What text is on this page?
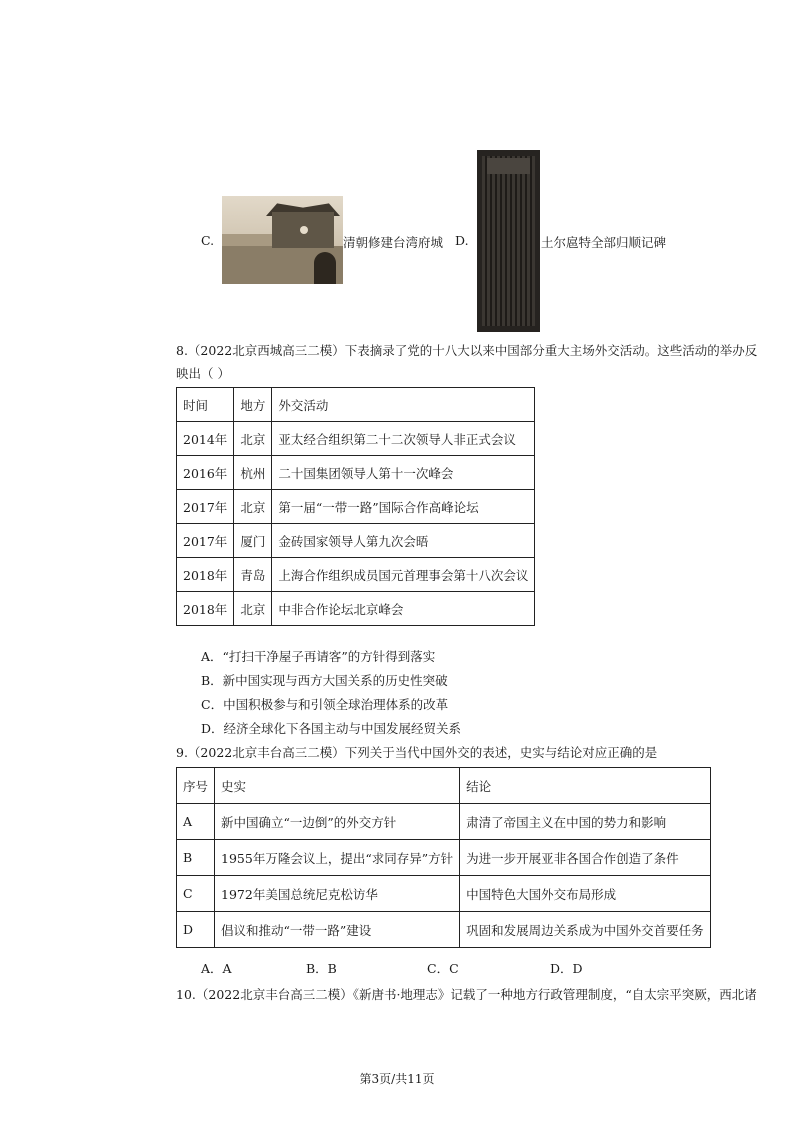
C.	清朝修建台湾府城 D.	土尔扈特全部归顺记碑
8.（2022北京西城高三二模）下表摘录了党的十八大以来中国部分重大主场外交活动。这些活动的举办反
映出（ ）
时间	地方	外交活动
2014年	北京	亚太经合组织第二十二次领导人非正式会议
2016年	杭州	二十国集团领导人第十一次峰会
2017年	北京	第一届“一带一路”国际合作高峰论坛
2017年	厦门	金砖国家领导人第九次会晤
2018年	青岛	上海合作组织成员国元首理事会第十八次会议
2018年	北京	中非合作论坛北京峰会
A．“打扫干净屋子再请客”的方针得到落实
B．新中国实现与西方大国关系的历史性突破
C．中国积极参与和引领全球治理体系的改革
D．经济全球化下各国主动与中国发展经贸关系
9.（2022北京丰台高三二模）下列关于当代中国外交的表述，史实与结论对应正确的是
序号	史实	结论
A	新中国确立“一边倒”的外交方针	肃清了帝国主义在中国的势力和影响
B	1955年万隆会议上，提出“求同存异”方针	为进一步开展亚非各国合作创造了条件
C	1972年美国总统尼克松访华	中国特色大国外交布局形成
D	倡议和推动“一带一路”建设	巩固和发展周边关系成为中国外交首要任务
A．A	B．B	C．C	D．D
10.（2022北京丰台高三二模）《新唐书·地理志》记载了一种地方行政管理制度，“自太宗平突厥，西北诸
第3页/共11页
